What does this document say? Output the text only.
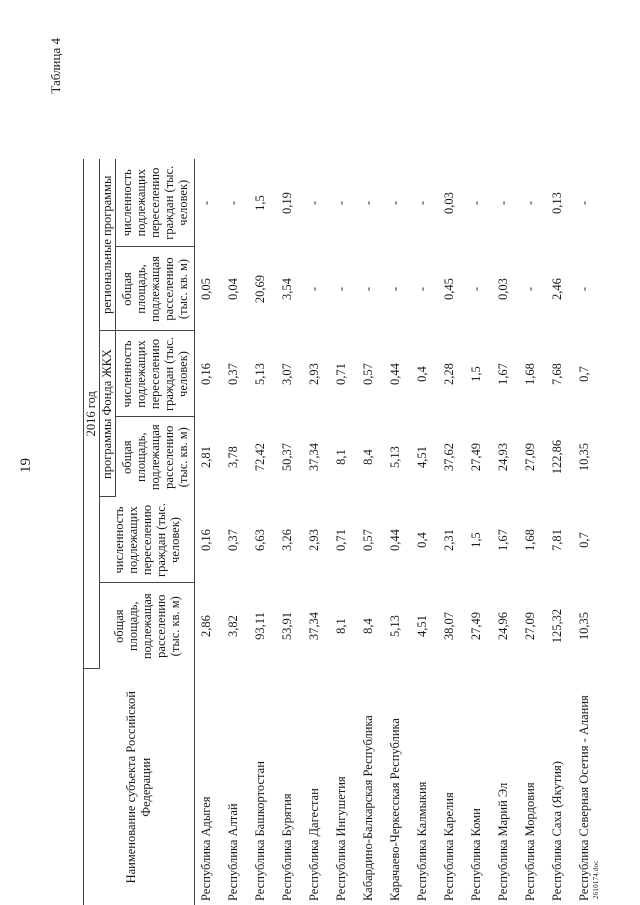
19
Таблица 4
Наименование субъекта Российской Федерации	2016 год					
	общая площадь, подлежащая расселению (тыс. кв. м)	численность подлежащих переселению граждан (тыс. человек)	программы Фонда ЖКХ		региональные программы	
			общая площадь, подлежащая расселению (тыс. кв. м)	численность подлежащих переселению граждан (тыс. человек)	общая площадь, подлежащая расселению (тыс. кв. м)	численность подлежащих переселению граждан (тыс. человек)
Республика Адыгея	2,86	0,16	2,81	0,16	0,05	-
Республика Алтай	3,82	0,37	3,78	0,37	0,04	-
Республика Башкортостан	93,11	6,63	72,42	5,13	20,69	1,5
Республика Бурятия	53,91	3,26	50,37	3,07	3,54	0,19
Республика Дагестан	37,34	2,93	37,34	2,93	-	-
Республика Ингушетия	8,1	0,71	8,1	0,71	-	-
Кабардино-Балкарская Республика	8,4	0,57	8,4	0,57	-	-
Карачаево-Черкесская Республика	5,13	0,44	5,13	0,44	-	-
Республика Калмыкия	4,51	0,4	4,51	0,4	-	-
Республика Карелия	38,07	2,31	37,62	2,28	0,45	0,03
Республика Коми	27,49	1,5	27,49	1,5	-	-
Республика Марий Эл	24,96	1,67	24,93	1,67	0,03	-
Республика Мордовия	27,09	1,68	27,09	1,68	-	-
Республика Саха (Якутия)	125,32	7,81	122,86	7,68	2,46	0,13
Республика Северная Осетия - Алания	10,35	0,7	10,35	0,7	-	-
2610174.doc
